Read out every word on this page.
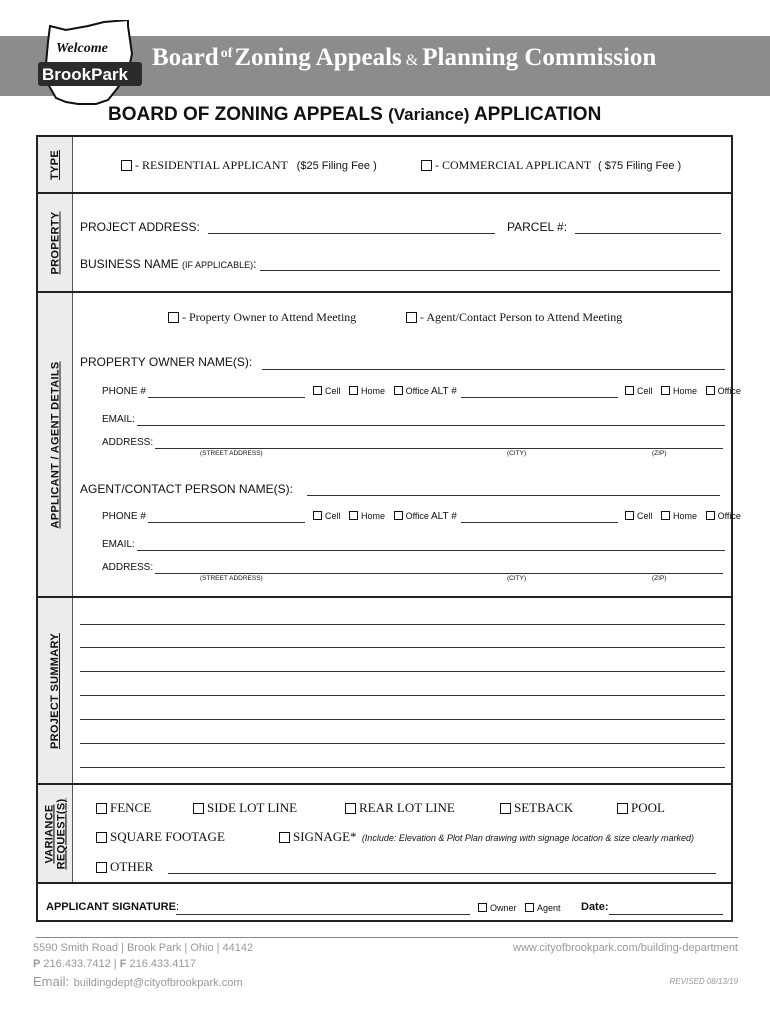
Welcome
BrookPark
Board $^{of}$Zoning Appeals & Planning Commission
BOARD OF ZONING APPEALS (Variance) APPLICATION
TYPE
PROPERTY
APPLICANT / AGENT DETAILS
PROJECT SUMMARY
VARIANCE
REQUEST(S)
- RESIDENTIAL APPLICANT ($25 Filing Fee )	- COMMERCIAL APPLICANT ( $75 Filing Fee )
PROJECT ADDRESS:	PARCEL #:
BUSINESS NAME (IF APPLICABLE):
- Property Owner to Attend Meeting	- Agent/Contact Person to Attend Meeting
PROPERTY OWNER NAME(S):
PHONE #	Cell Home Office ALT #	Cell Home Office
EMAIL:
ADDRESS:
(STREET ADDRESS)	(CITY)	(ZIP)
AGENT/CONTACT PERSON NAME(S):
PHONE #	Cell Home Office ALT #	Cell Home Office
EMAIL:
ADDRESS:
(STREET ADDRESS)	(CITY)	(ZIP)
FENCE	SIDE LOT LINE	REAR LOT LINE	SETBACK	POOL
SQUARE FOOTAGE	SIGNAGE* (Include: Elevation & Plot Plan drawing with signage location & size clearly marked)
OTHER
APPLICANT SIGNATURE:	Owner Agent Date:
5590 Smith Road | Brook Park | Ohio | 44142
P 216.433.7412 | F 216.433.4117
Email: buildingdept@cityofbrookpark.com
www.cityofbrookpark.com/building-department
REVISED 08/13/19
